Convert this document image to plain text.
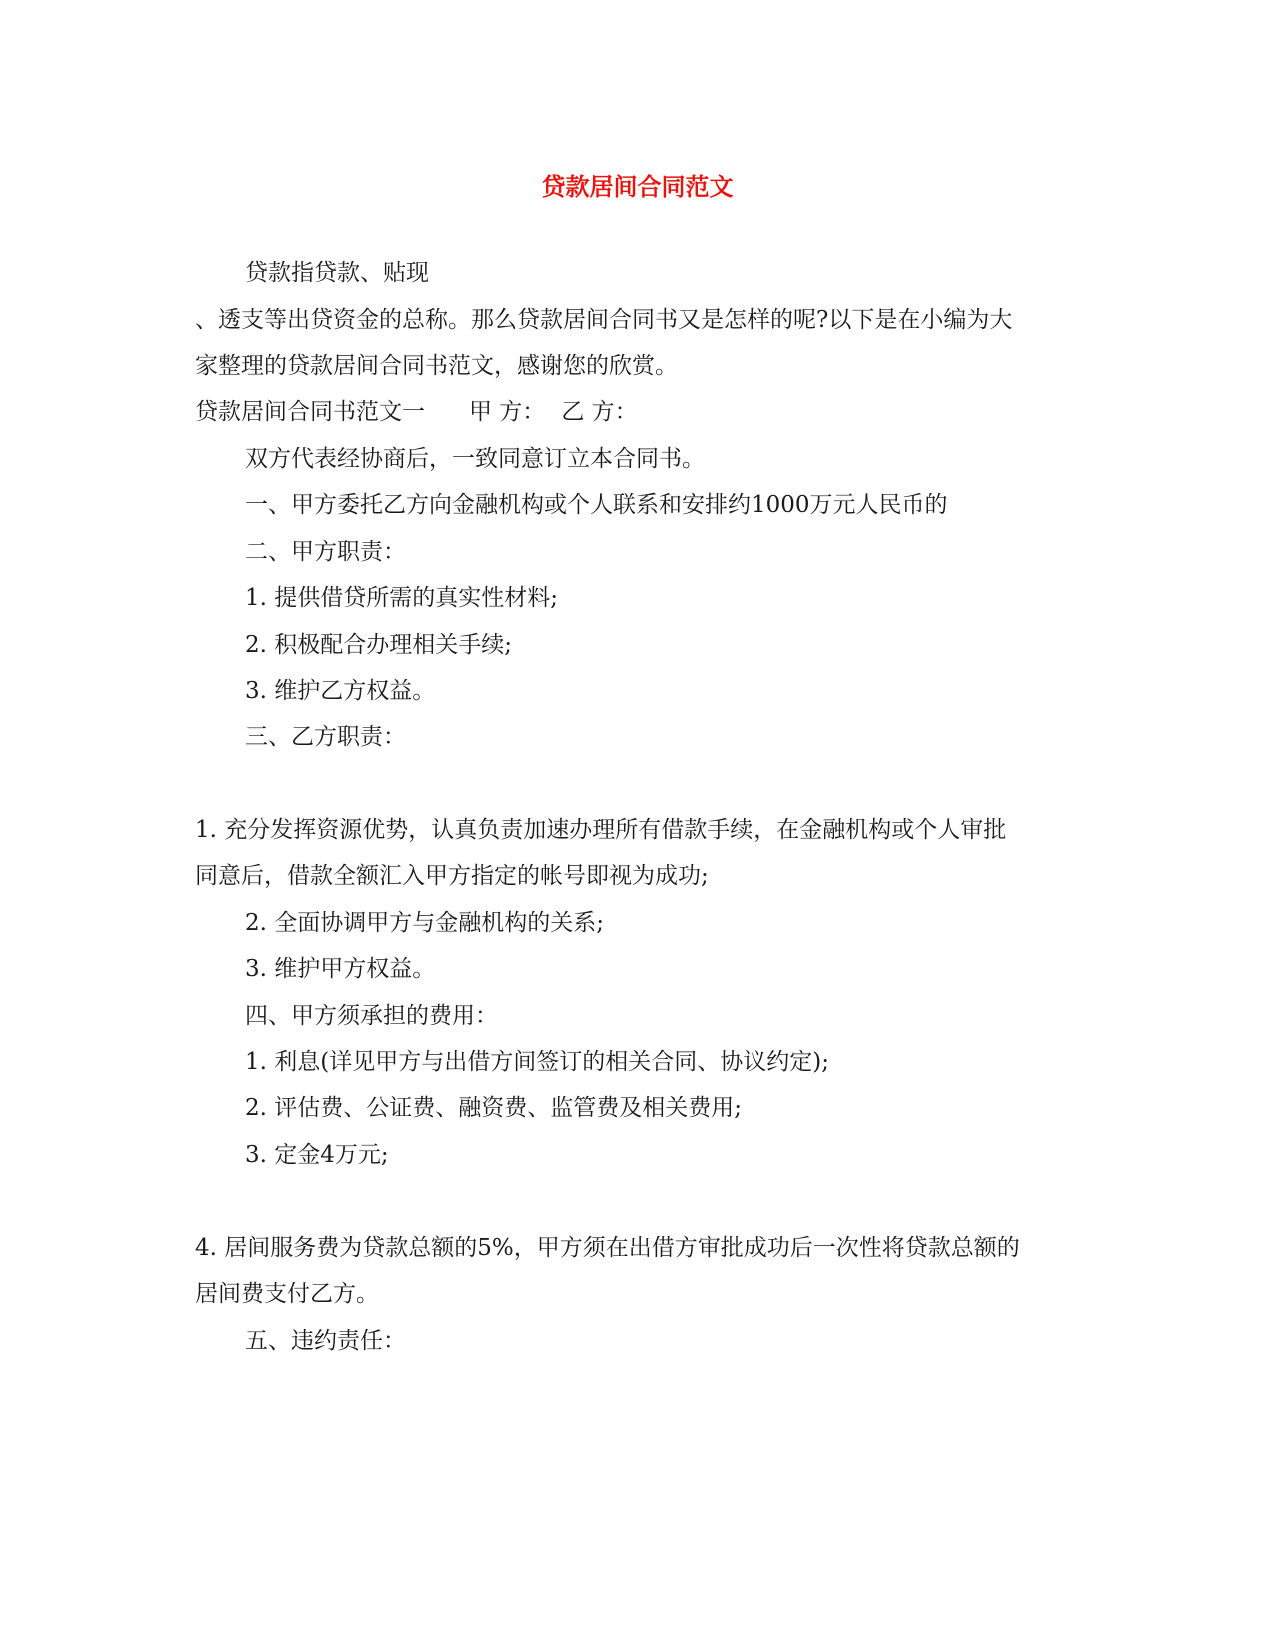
贷款居间合同范文

贷款指贷款、贴现

、透支等出贷资金的总称。那么贷款居间合同书又是怎样的呢?以下是在小编为大

家整理的贷款居间合同书范文，感谢您的欣赏。

贷款居间合同书范文一 甲 方： 乙 方：

双方代表经协商后，一致同意订立本合同书。

一、甲方委托乙方向金融机构或个人联系和安排约1000万元人民币的

二、甲方职责：

1. 提供借贷所需的真实性材料;

2. 积极配合办理相关手续;

3. 维护乙方权益。

三、乙方职责：

1. 充分发挥资源优势，认真负责加速办理所有借款手续，在金融机构或个人审批

同意后，借款全额汇入甲方指定的帐号即视为成功;

2. 全面协调甲方与金融机构的关系;

3. 维护甲方权益。

四、甲方须承担的费用：

1. 利息(详见甲方与出借方间签订的相关合同、协议约定);

2. 评估费、公证费、融资费、监管费及相关费用;

3. 定金4万元;

4. 居间服务费为贷款总额的5%，甲方须在出借方审批成功后一次性将贷款总额的

居间费支付乙方。

五、违约责任：
